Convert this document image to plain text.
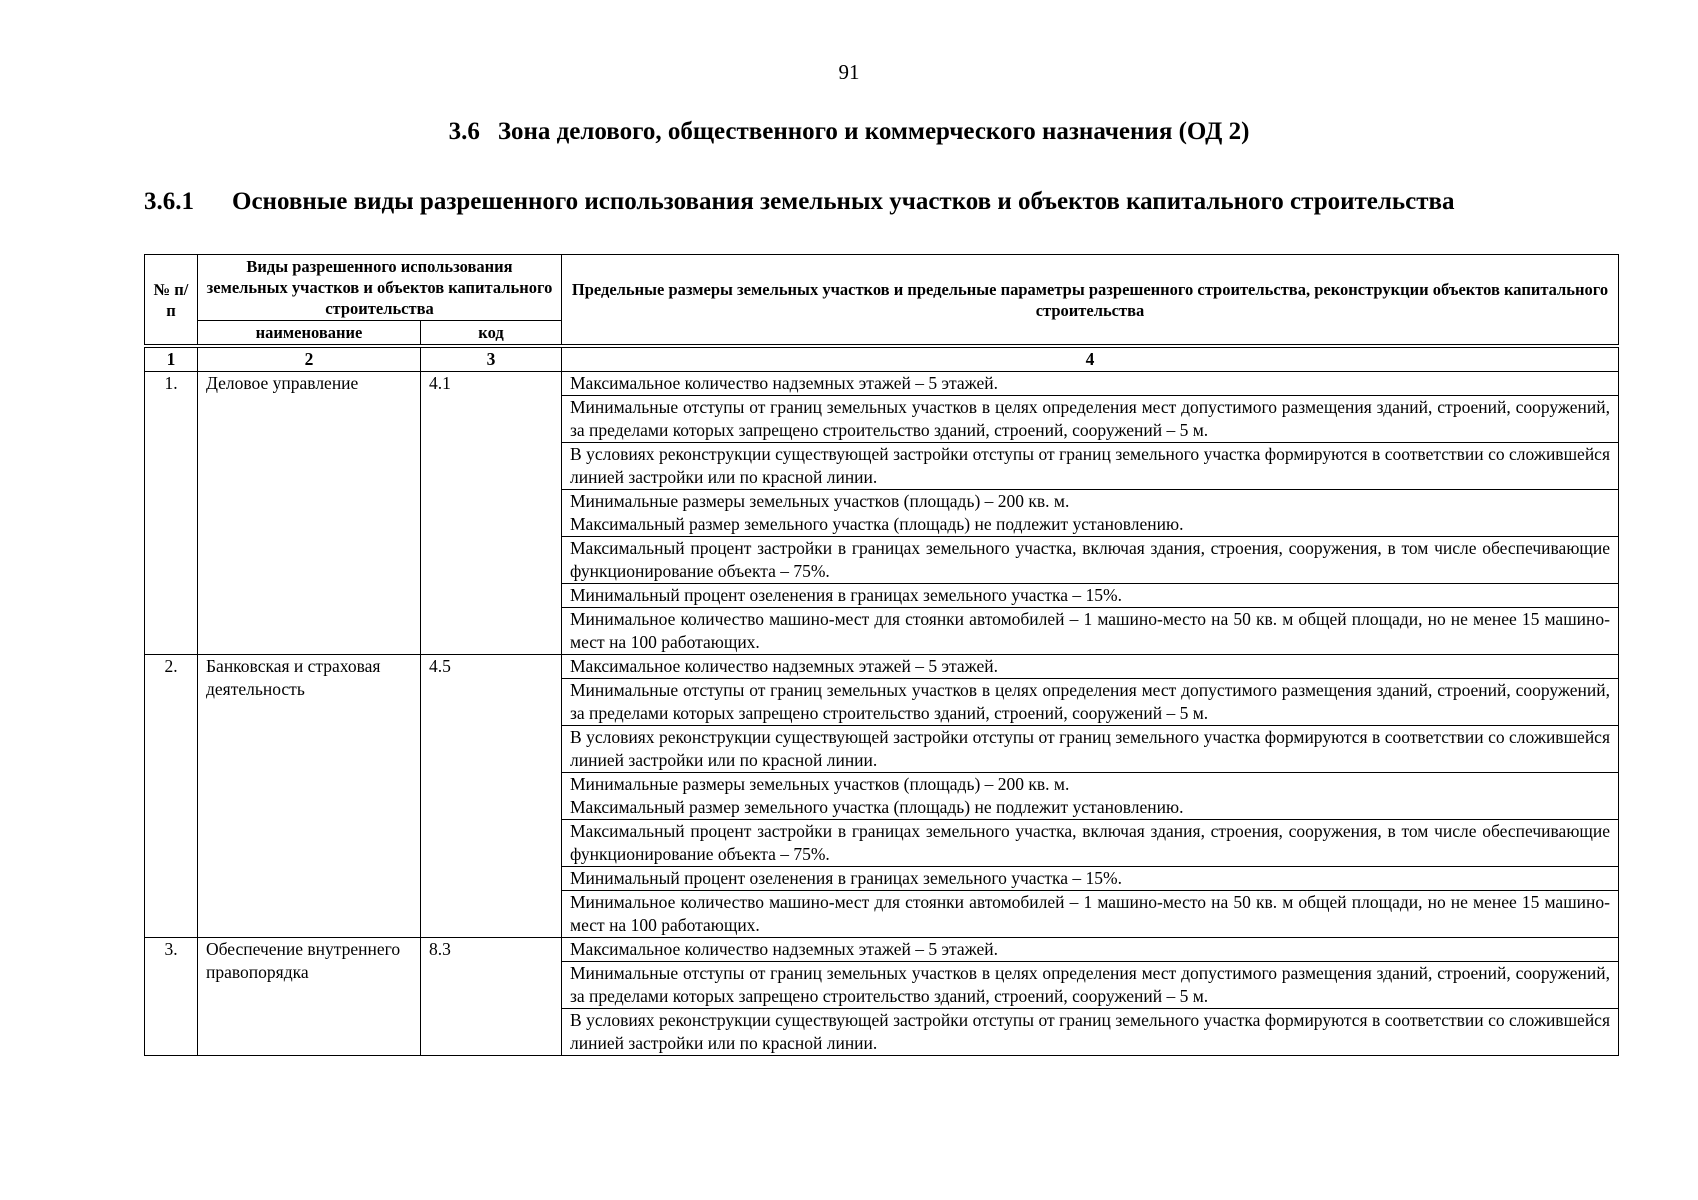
91
3.6 Зона делового, общественного и коммерческого назначения (ОД 2)
3.6.1 Основные виды разрешенного использования земельных участков и объектов капитального строительства
№ п/п	Виды разрешенного использования земельных участков и объектов капитального строительства		Предельные размеры земельных участков и предельные параметры разрешенного строительства, реконструкции объектов капитального строительства
	наименование	код	

1	2	3	4
1.	Деловое управление	4.1	Максимальное количество надземных этажей – 5 этажей.

			Минимальные отступы от границ земельных участков в целях определения мест допустимого размещения зданий, строений, сооружений, за пределами которых запрещено строительство зданий, строений, сооружений – 5 м.

			В условиях реконструкции существующей застройки отступы от границ земельного участка формируются в соответствии со сложившейся линией застройки или по красной линии.

			Минимальные размеры земельных участков (площадь) – 200 кв. м.
Максимальный размер земельного участка (площадь) не подлежит установлению.

			Максимальный процент застройки в границах земельного участка, включая здания, строения, сооружения, в том числе обеспечивающие функционирование объекта – 75%.

			Минимальный процент озеленения в границах земельного участка – 15%.

			Минимальное количество машино-мест для стоянки автомобилей – 1 машино-место на 50 кв. м общей площади, но не менее 15 машино-мест на 100 работающих.

2.	Банковская и страховая деятельность	4.5	Максимальное количество надземных этажей – 5 этажей.

			Минимальные отступы от границ земельных участков в целях определения мест допустимого размещения зданий, строений, сооружений, за пределами которых запрещено строительство зданий, строений, сооружений – 5 м.

			В условиях реконструкции существующей застройки отступы от границ земельного участка формируются в соответствии со сложившейся линией застройки или по красной линии.

			Минимальные размеры земельных участков (площадь) – 200 кв. м.
Максимальный размер земельного участка (площадь) не подлежит установлению.

			Максимальный процент застройки в границах земельного участка, включая здания, строения, сооружения, в том числе обеспечивающие функционирование объекта – 75%.

			Минимальный процент озеленения в границах земельного участка – 15%.

			Минимальное количество машино-мест для стоянки автомобилей – 1 машино-место на 50 кв. м общей площади, но не менее 15 машино-мест на 100 работающих.

3.	Обеспечение внутреннего правопорядка	8.3	Максимальное количество надземных этажей – 5 этажей.

			Минимальные отступы от границ земельных участков в целях определения мест допустимого размещения зданий, строений, сооружений, за пределами которых запрещено строительство зданий, строений, сооружений – 5 м.

			В условиях реконструкции существующей застройки отступы от границ земельного участка формируются в соответствии со сложившейся линией застройки или по красной линии.
